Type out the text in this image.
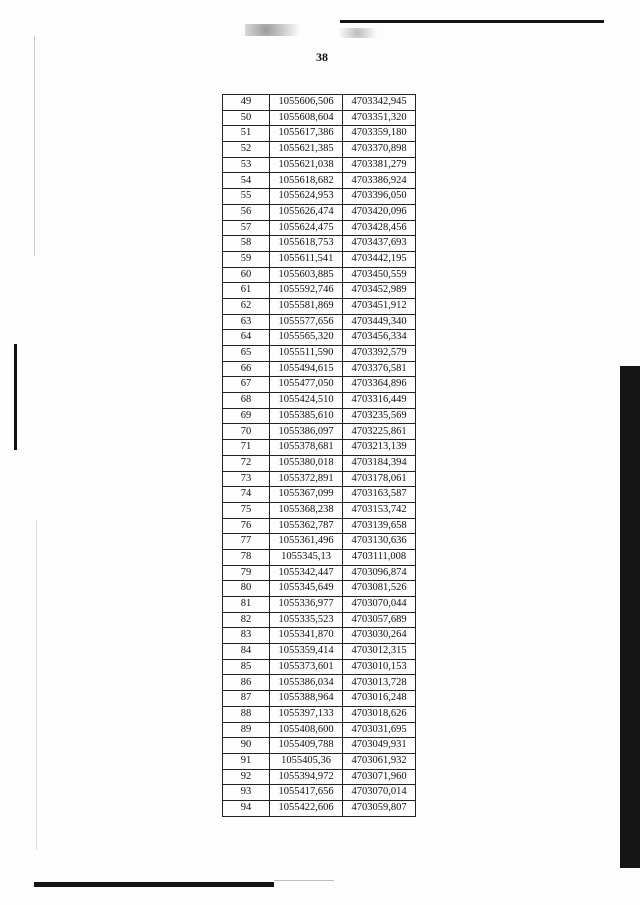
38
49	1055606,506	4703342,945
50	1055608,604	4703351,320
51	1055617,386	4703359,180
52	1055621,385	4703370,898
53	1055621,038	4703381,279
54	1055618,682	4703386,924
55	1055624,953	4703396,050
56	1055626,474	4703420,096
57	1055624,475	4703428,456
58	1055618,753	4703437,693
59	1055611,541	4703442,195
60	1055603,885	4703450,559
61	1055592,746	4703452,989
62	1055581,869	4703451,912
63	1055577,656	4703449,340
64	1055565,320	4703456,334
65	1055511,590	4703392,579
66	1055494,615	4703376,581
67	1055477,050	4703364,896
68	1055424,510	4703316,449
69	1055385,610	4703235,569
70	1055386,097	4703225,861
71	1055378,681	4703213,139
72	1055380,018	4703184,394
73	1055372,891	4703178,061
74	1055367,099	4703163,587
75	1055368,238	4703153,742
76	1055362,787	4703139,658
77	1055361,496	4703130,636
78	1055345,13	4703111,008
79	1055342,447	4703096,874
80	1055345,649	4703081,526
81	1055336,977	4703070,044
82	1055335,523	4703057,689
83	1055341,870	4703030,264
84	1055359,414	4703012,315
85	1055373,601	4703010,153
86	1055386,034	4703013,728
87	1055388,964	4703016,248
88	1055397,133	4703018,626
89	1055408,600	4703031,695
90	1055409,788	4703049,931
91	1055405,36	4703061,932
92	1055394,972	4703071,960
93	1055417,656	4703070,014
94	1055422,606	4703059,807
